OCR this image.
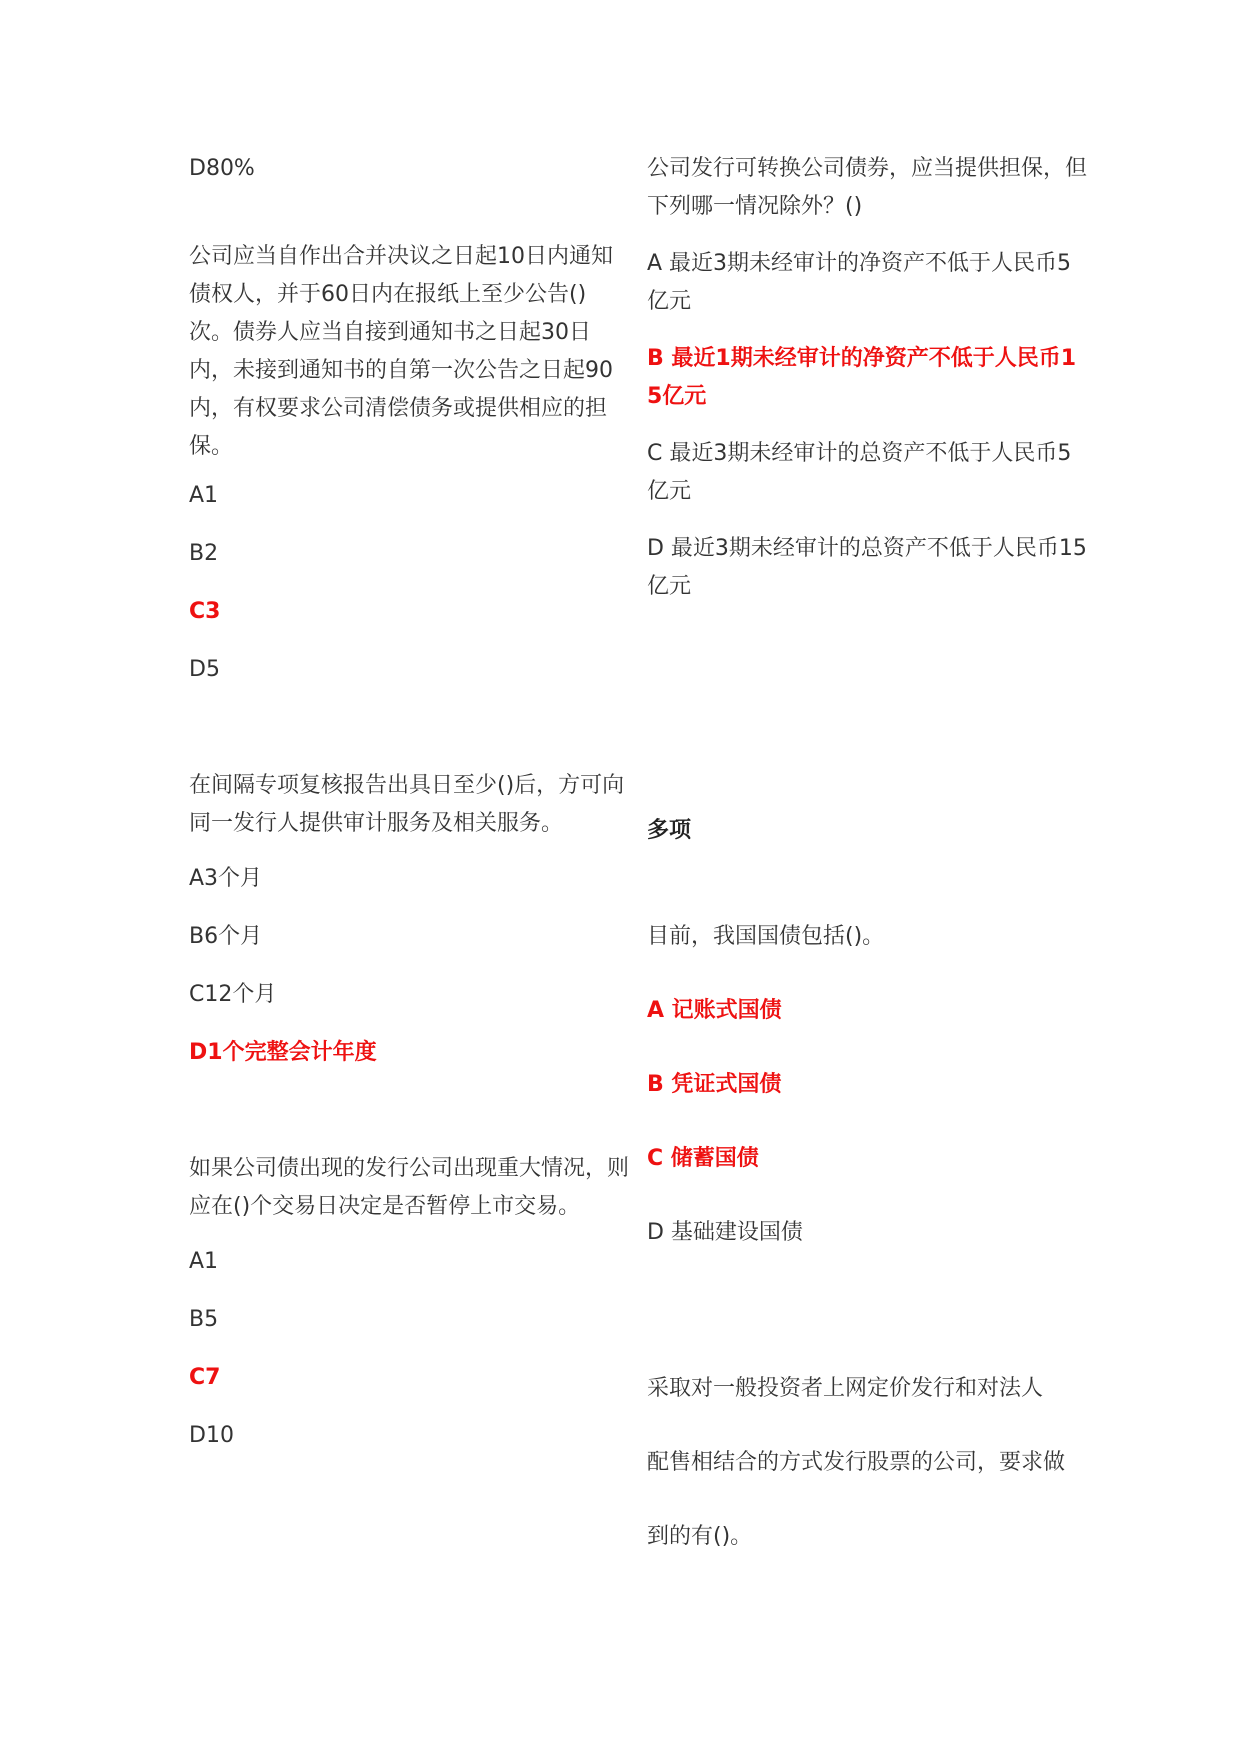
D80%

公司应当自作出合并决议之日起10日内通知债权人，并于60日内在报纸上至少公告()次。债券人应当自接到通知书之日起30日内，未接到通知书的自第一次公告之日起90内，有权要求公司清偿债务或提供相应的担保。

A1

B2

C3

D5

在间隔专项复核报告出具日至少()后，方可向同一发行人提供审计服务及相关服务。

A3个月

B6个月

C12个月

D1个完整会计年度

如果公司债出现的发行公司出现重大情况，则应在()个交易日决定是否暂停上市交易。

A1

B5

C7

D10

公司发行可转换公司债券，应当提供担保，但下列哪一情况除外？()

A 最近3期未经审计的净资产不低于人民币5亿元

B 最近1期未经审计的净资产不低于人民币15亿元

C 最近3期未经审计的总资产不低于人民币5亿元

D 最近3期未经审计的总资产不低于人民币15亿元

多项

目前，我国国债包括()。

A 记账式国债

B 凭证式国债

C 储蓄国债

D 基础建设国债

采取对一般投资者上网定价发行和对法人

配售相结合的方式发行股票的公司，要求做

到的有()。
